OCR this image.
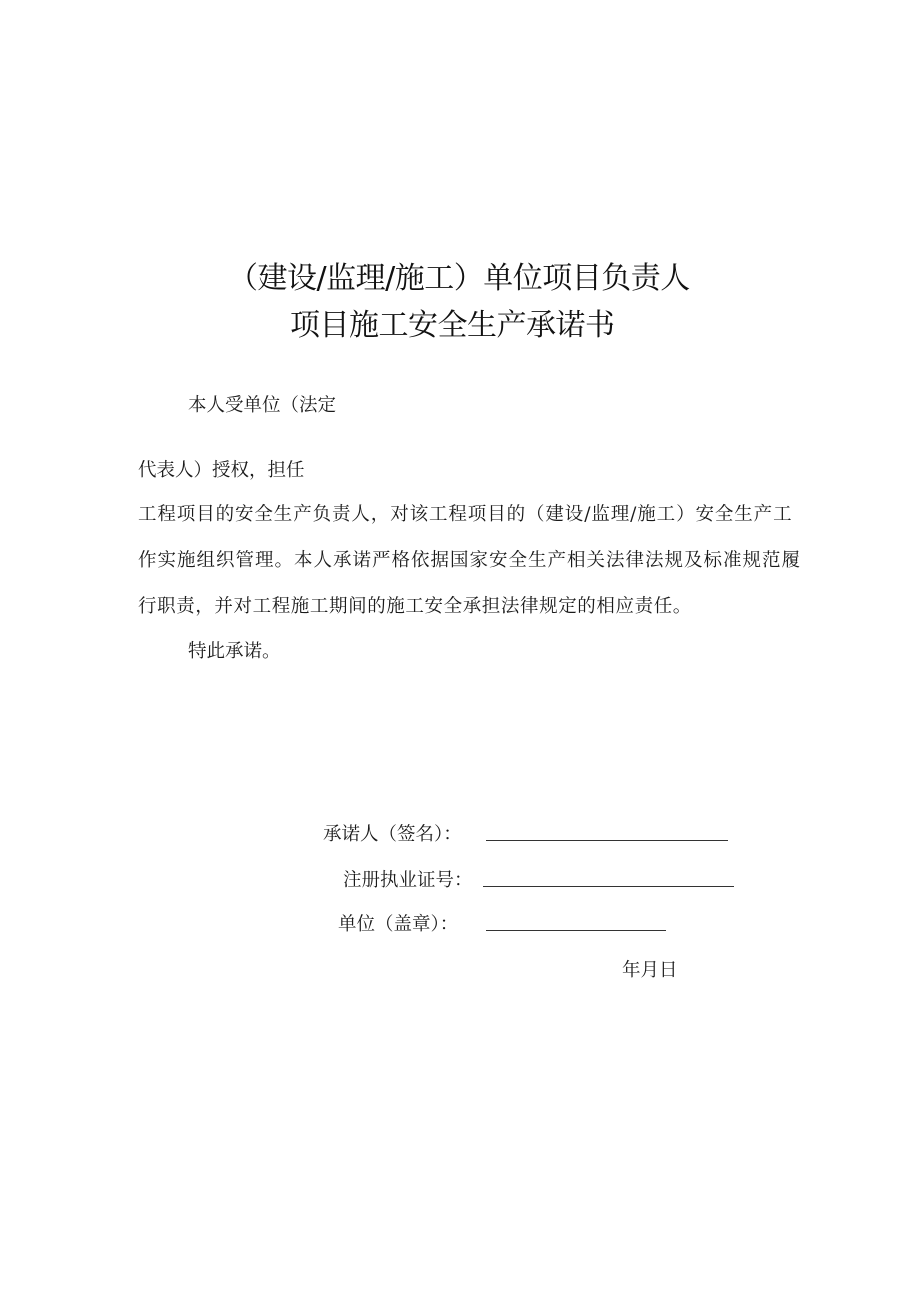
（建设/监理/施工）单位项目负责人
项目施工安全生产承诺书
本人受单位（法定
代表人）授权，担任
工程项目的安全生产负责人，对该工程项目的（建设/监理/施工）安全生产工
作实施组织管理。本人承诺严格依据国家安全生产相关法律法规及标准规范履
行职责，并对工程施工期间的施工安全承担法律规定的相应责任。
特此承诺。
承诺人（签名）：
注册执业证号：
单位（盖章）：
年月日
